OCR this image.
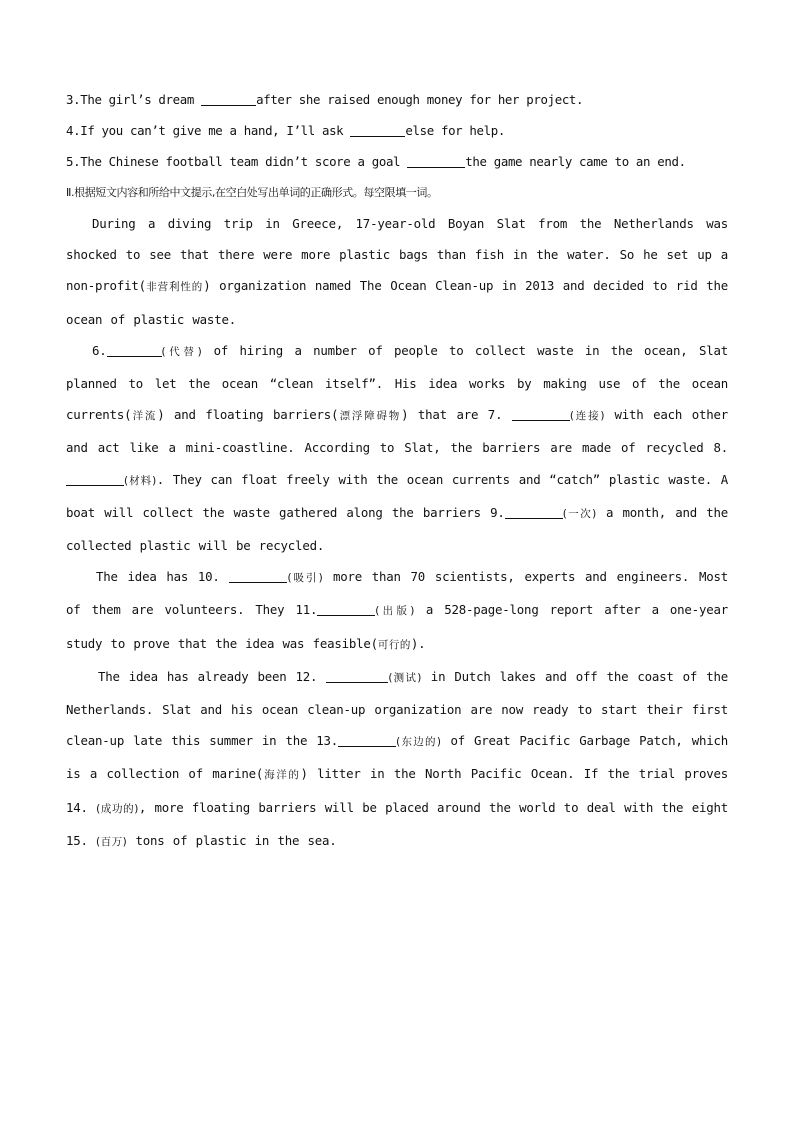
3.The girl’s dream	after she raised enough money for her project.
4.If you can’t give me a hand, I’ll ask	else for help.
5.The Chinese football team didn’t score a goal	the game nearly came to an end.
Ⅱ.根据短文内容和所给中文提示,在空白处写出单词的正确形式。每空限填一词。

During a diving trip in Greece, 17-year-old Boyan Slat from the Netherlands was shocked to see that there were more plastic bags than fish in the water. So he set up a non-profit(非营利性的) organization named The Ocean Clean-up in 2013 and decided to rid the ocean of plastic waste.

6.	(代替) of hiring a number of people to collect waste in the ocean, Slat planned to let the ocean “clean itself”. His idea works by making use of the ocean currents(洋流) and floating barriers(漂浮障碍物) that are 7.	(连接) with each other and act like a mini-coastline. According to Slat, the barriers are made of recycled 8. (材料). They can float freely with the ocean currents and “catch” plastic waste. A boat will collect the waste gathered along the barriers 9.	(一次) a month, and the collected plastic will be recycled.

The idea has 10.	(吸引) more than 70 scientists, experts and engineers. Most of them are volunteers. They 11.	(出版) a 528-page-long report after a one-year study to prove that the idea was feasible(可行的).

The idea has already been 12.	(测试) in Dutch lakes and off the coast of the Netherlands. Slat and his ocean clean-up organization are now ready to start their first clean-up late this summer in the 13.	(东边的) of Great Pacific Garbage Patch, which is a collection of marine(海洋的) litter in the North Pacific Ocean. If the trial proves 14. (成功的), more floating barriers will be placed around the world to deal with the eight 15. (百万) tons of plastic in the sea.
